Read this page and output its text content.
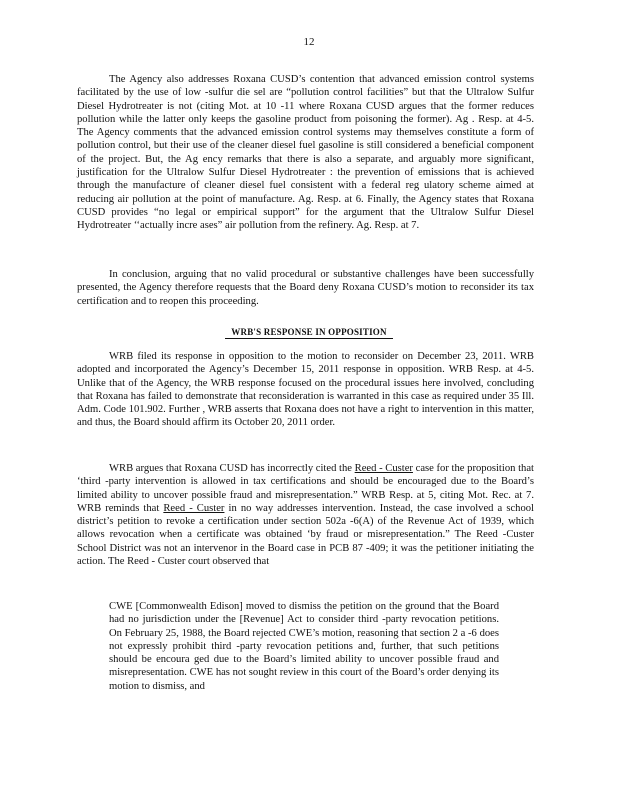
12

The Agency also addresses Roxana CUSD’s contention that advanced emission control systems facilitated by the use of low -sulfur die sel are “pollution control facilities” but that the Ultralow Sulfur Diesel Hydrotreater is not (citing Mot. at 10 -11 where Roxana CUSD argues that the former reduces pollution while the latter only keeps the gasoline product from poisoning the former). Ag . Resp. at 4-5. The Agency comments that the advanced emission control systems may themselves constitute a form of pollution control, but their use of the cleaner diesel fuel gasoline is still considered a beneficial component of the project. But, the Ag ency remarks that there is also a separate, and arguably more significant, justification for the Ultralow Sulfur Diesel Hydrotreater : the prevention of emissions that is achieved through the manufacture of cleaner diesel fuel consistent with a federal reg ulatory scheme aimed at reducing air pollution at the point of manufacture. Ag. Resp. at 6. Finally, the Agency states that Roxana CUSD provides “no legal or empirical support” for the argument that the Ultralow Sulfur Diesel Hydrotreater ‘‘actually incre ases” air pollution from the refinery. Ag. Resp. at 7.

In conclusion, arguing that no valid procedural or substantive challenges have been successfully presented, the Agency therefore requests that the Board deny Roxana CUSD’s motion to reconsider its tax certification and to reopen this proceeding.

WRB'S RESPONSE IN OPPOSITION

WRB filed its response in opposition to the motion to reconsider on December 23, 2011. WRB adopted and incorporated the Agency’s December 15, 2011 response in opposition. WRB Resp. at 4-5. Unlike that of the Agency, the WRB response focused on the procedural issues here involved, concluding that Roxana has failed to demonstrate that reconsideration is warranted in this case as required under 35 Ill. Adm. Code 101.902. Further , WRB asserts that Roxana does not have a right to intervention in this matter, and thus, the Board should affirm its October 20, 2011 order.

WRB argues that Roxana CUSD has incorrectly cited the Reed - Custer case for the proposition that ‘third -party intervention is allowed in tax certifications and should be encouraged due to the Board’s limited ability to uncover possible fraud and misrepresentation.” WRB Resp. at 5, citing Mot. Rec. at 7. WRB reminds that Reed - Custer in no way addresses intervention. Instead, the case involved a school district’s petition to revoke a certification under section 502a -6(A) of the Revenue Act of 1939, which allows revocation when a certificate was obtained ‘by fraud or misrepresentation.” The Reed -Custer School District was not an intervenor in the Board case in PCB 87 -409; it was the petitioner initiating the action. The Reed - Custer court observed that

CWE [Commonwealth Edison] moved to dismiss the petition on the ground that the Board had no jurisdiction under the [Revenue] Act to consider third -party revocation petitions. On February 25, 1988, the Board rejected CWE’s motion, reasoning that section 2 a -6 does not expressly prohibit third -party revocation petitions and, further, that such petitions should be encoura ged due to the Board’s limited ability to uncover possible fraud and misrepresentation. CWE has not sought review in this court of the Board’s order denying its motion to dismiss, and
